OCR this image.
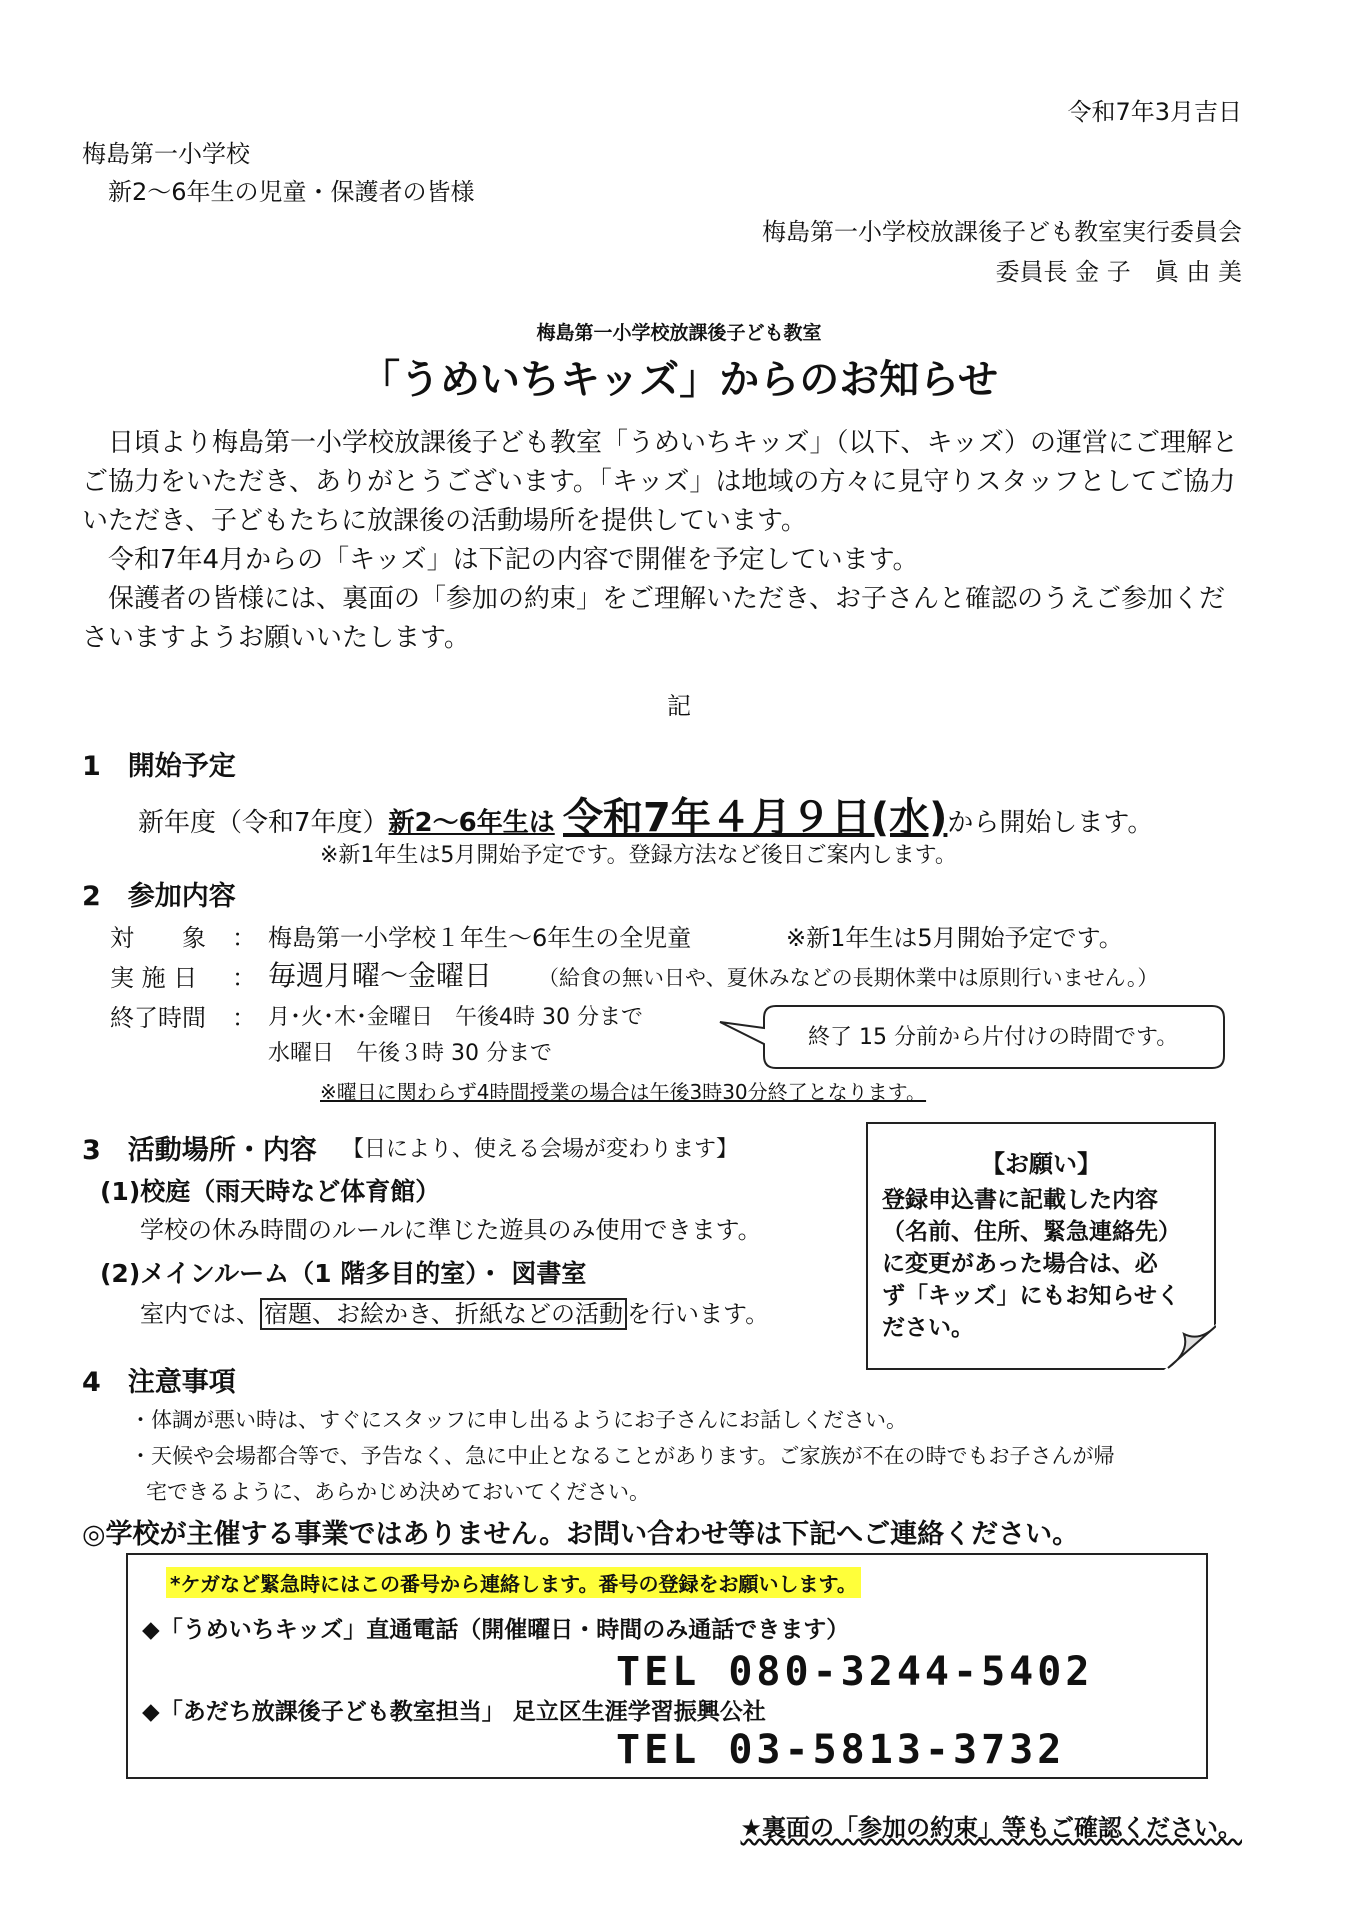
令和7年3月吉日
梅島第一小学校
新2～6年生の児童・保護者の皆様
梅島第一小学校放課後子ども教室実行委員会
委員長 金 子　眞 由 美
梅島第一小学校放課後子ども教室
「うめいちキッズ」からのお知らせ
日頃より梅島第一小学校放課後子ども教室「うめいちキッズ」（以下、キッズ）の運営にご理解とご協力をいただき、ありがとうございます。「キッズ」は地域の方々に見守りスタッフとしてご協力いただき、子どもたちに放課後の活動場所を提供しています。
令和7年4月からの「キッズ」は下記の内容で開催を予定しています。
保護者の皆様には、裏面の「参加の約束」をご理解いただき、お子さんと確認のうえご参加くださいますようお願いいたします。
記
1　開始予定
新年度（令和7年度）新2～6年生は 令和7年４月９日(水)から開始します。
※新1年生は5月開始予定です。登録方法など後日ご案内します。
2　参加内容
対　　象 ： 梅島第一小学校１年生～6年生の全児童	※新1年生は5月開始予定です。
実 施 日 ： 毎週月曜～金曜日 （給食の無い日や、夏休みなどの長期休業中は原則行いません。）
終了時間 ： 月･火･木･金曜日　午後4時 30 分まで
水曜日　午後３時 30 分まで
終了 15 分前から片付けの時間です。
※曜日に関わらず4時間授業の場合は午後3時30分終了となります。
3　活動場所・内容 【日により、使える会場が変わります】
(1)校庭（雨天時など体育館）
学校の休み時間のルールに準じた遊具のみ使用できます。
(2)メインルーム（1 階多目的室）・ 図書室
室内では、 宿題、お絵かき、折紙などの活動 を行います。
【お願い】
登録申込書に記載した内容
（名前、住所、緊急連絡先）
に変更があった場合は、必
ず「キッズ」にもお知らせく
ださい。
4　注意事項
・体調が悪い時は、すぐにスタッフに申し出るようにお子さんにお話しください。
・天候や会場都合等で、予告なく、急に中止となることがあります。ご家族が不在の時でもお子さんが帰
宅できるように、あらかじめ決めておいてください。
◎学校が主催する事業ではありません。お問い合わせ等は下記へご連絡ください。
*ケガなど緊急時にはこの番号から連絡します。番号の登録をお願いします。
◆「うめいちキッズ」直通電話（開催曜日・時間のみ通話できます）
TEL 080-3244-5402
◆「あだち放課後子ども教室担当」 足立区生涯学習振興公社
TEL 03-5813-3732
★裏面の「参加の約束」等もご確認ください。
